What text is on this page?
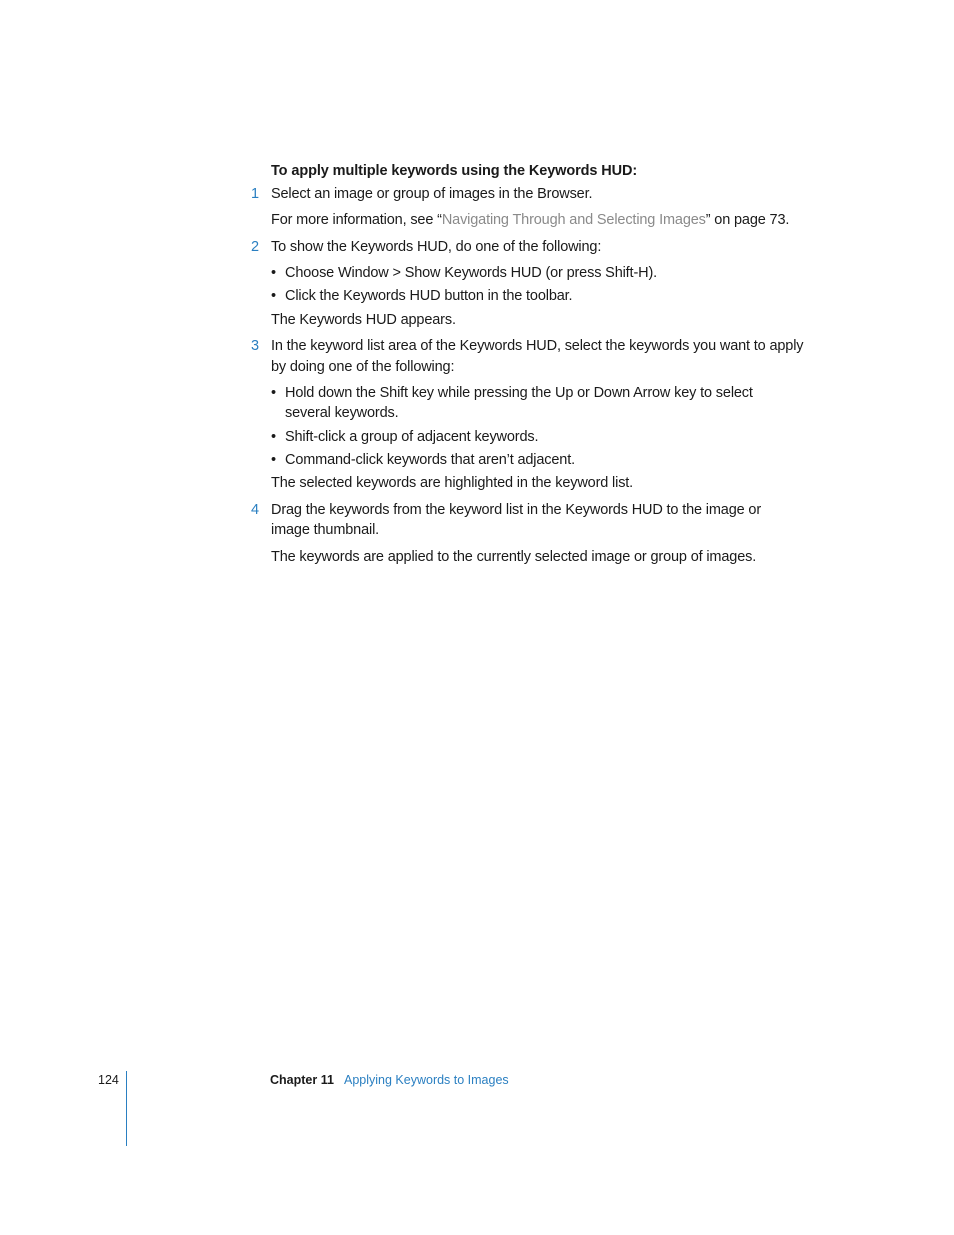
To apply multiple keywords using the Keywords HUD:
1 Select an image or group of images in the Browser.
For more information, see “Navigating Through and Selecting Images” on page 73.
2 To show the Keywords HUD, do one of the following:
• Choose Window > Show Keywords HUD (or press Shift-H).
• Click the Keywords HUD button in the toolbar.
The Keywords HUD appears.
3 In the keyword list area of the Keywords HUD, select the keywords you want to apply
by doing one of the following:
• Hold down the Shift key while pressing the Up or Down Arrow key to select
several keywords.
• Shift-click a group of adjacent keywords.
• Command-click keywords that aren’t adjacent.
The selected keywords are highlighted in the keyword list.
4 Drag the keywords from the keyword list in the Keywords HUD to the image or
image thumbnail.
The keywords are applied to the currently selected image or group of images.
124	Chapter 11 Applying Keywords to Images
